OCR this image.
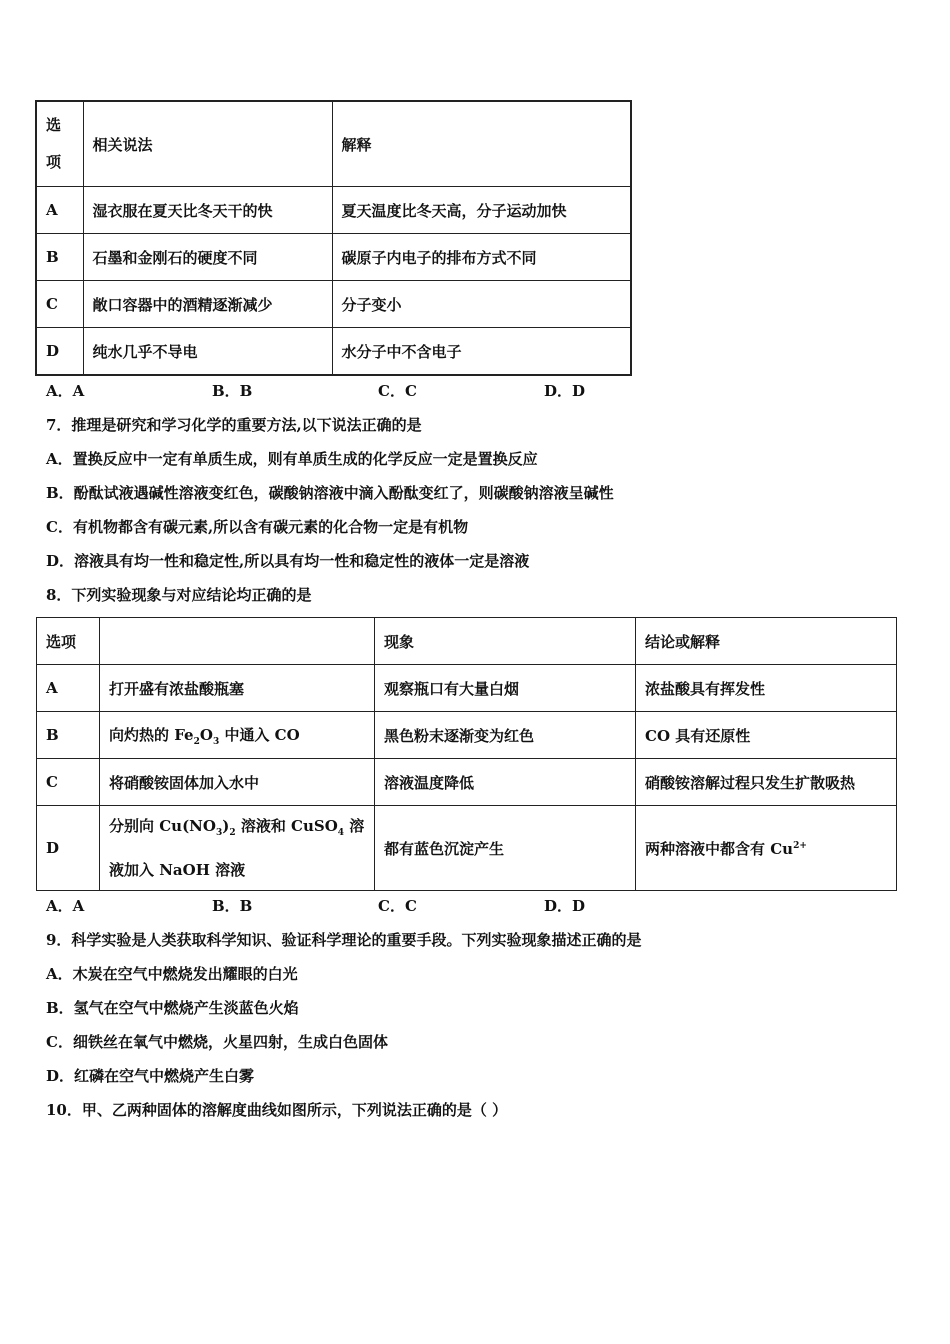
选
项	相关说法	解释
A	湿衣服在夏天比冬天干的快	夏天温度比冬天高，分子运动加快
B	石墨和金刚石的硬度不同	碳原子内电子的排布方式不同
C	敞口容器中的酒精逐渐减少	分子变小
D	纯水几乎不导电	水分子中不含电子
A．A	B．B	C．C	D．D
7．推理是研究和学习化学的重要方法,以下说法正确的是
A．置换反应中一定有单质生成，则有单质生成的化学反应一定是置换反应
B．酚酞试液遇碱性溶液变红色，碳酸钠溶液中滴入酚酞变红了，则碳酸钠溶液呈碱性
C．有机物都含有碳元素,所以含有碳元素的化合物一定是有机物
D．溶液具有均一性和稳定性,所以具有均一性和稳定性的液体一定是溶液
8．下列实验现象与对应结论均正确的是
选项		现象	结论或解释
A	打开盛有浓盐酸瓶塞	观察瓶口有大量白烟	浓盐酸具有挥发性
B	向灼热的 $Fe_2O_3$ 中通入 CO	黑色粉末逐渐变为红色	CO 具有还原性
C	将硝酸铵固体加入水中	溶液温度降低	硝酸铵溶解过程只发生扩散吸热
D	分别向 $Cu(NO_3)_2$ 溶液和 CuSO$_4$ 溶
液加入 NaOH 溶液	都有蓝色沉淀产生	两种溶液中都含有 $Cu^{2+}$
A．A	B．B	C．C	D．D
9．科学实验是人类获取科学知识、验证科学理论的重要手段。下列实验现象描述正确的是
A．木炭在空气中燃烧发出耀眼的白光
B．氢气在空气中燃烧产生淡蓝色火焰
C．细铁丝在氧气中燃烧，火星四射，生成白色固体
D．红磷在空气中燃烧产生白雾
10．甲、乙两种固体的溶解度曲线如图所示，下列说法正确的是（ ）
